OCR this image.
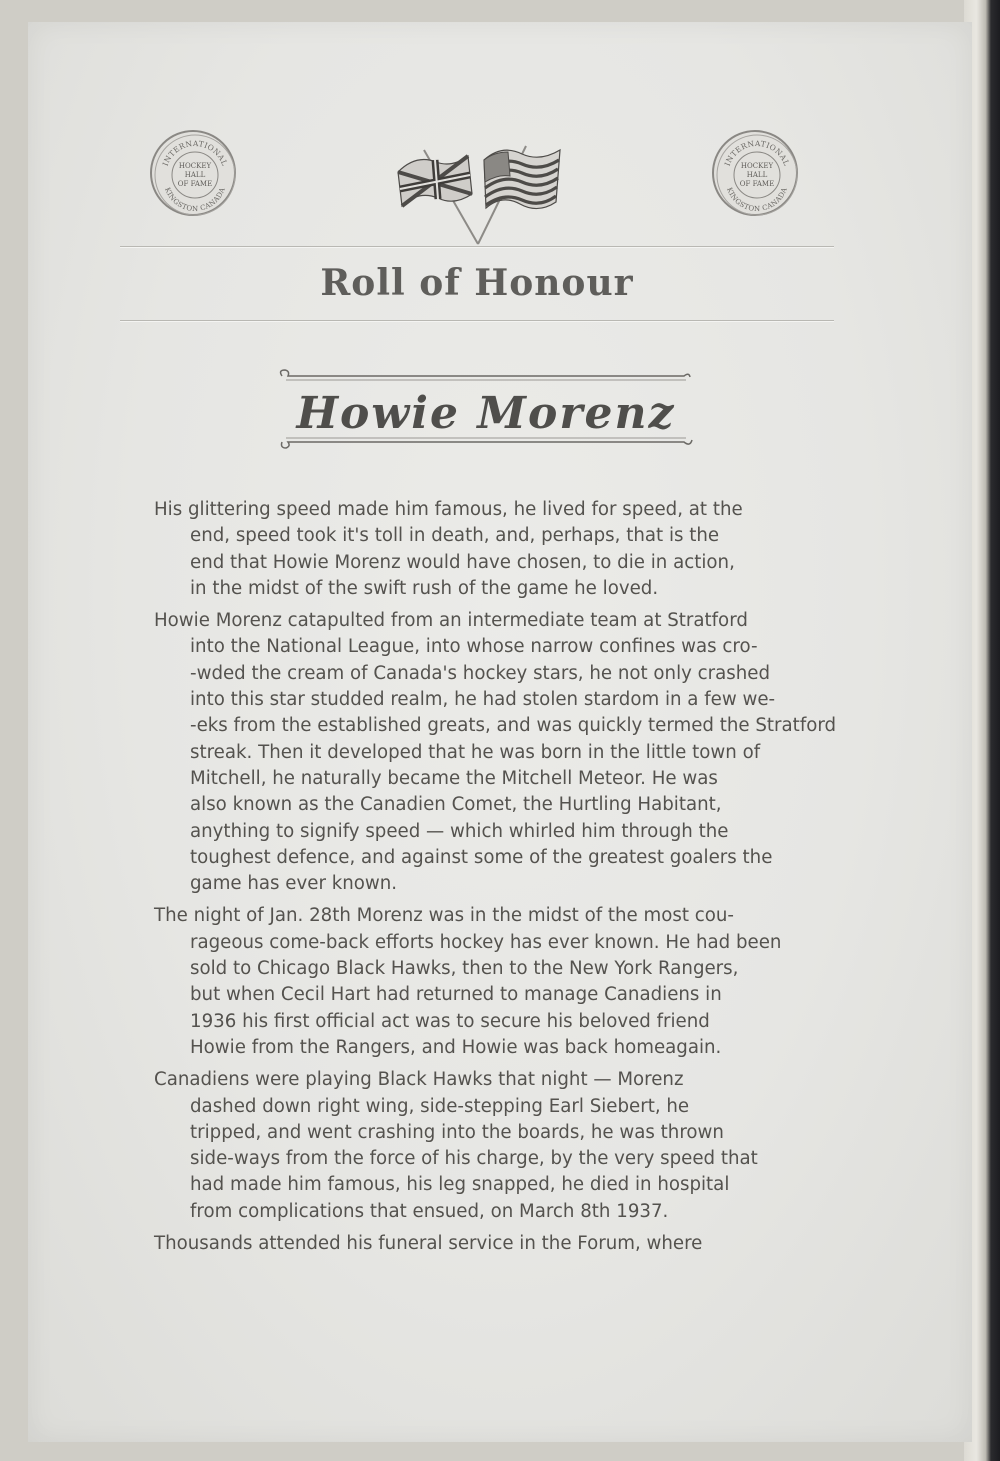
INTERNATIONAL
KINGSTON CANADA
HOCKEY
HALL
OF FAME
INTERNATIONAL
KINGSTON CANADA
HOCKEY
HALL
OF FAME
Roll of Honour
Howie Morenz
His glittering speed made him famous, he lived for speed, at the
end, speed took it's toll in death, and, perhaps, that is the
end that Howie Morenz would have chosen, to die in action,
in the midst of the swift rush of the game he loved.
Howie Morenz catapulted from an intermediate team at Stratford
into the National League, into whose narrow confines was cro-
-wded the cream of Canada's hockey stars, he not only crashed
into this star studded realm, he had stolen stardom in a few we-
-eks from the established greats, and was quickly termed the Stratford
streak. Then it developed that he was born in the little town of
Mitchell, he naturally became the Mitchell Meteor. He was
also known as the Canadien Comet, the Hurtling Habitant,
anything to signify speed — which whirled him through the
toughest defence, and against some of the greatest goalers the
game has ever known.
The night of Jan. 28th Morenz was in the midst of the most cou-
rageous come-back efforts hockey has ever known. He had been
sold to Chicago Black Hawks, then to the New York Rangers,
but when Cecil Hart had returned to manage Canadiens in
1936 his first official act was to secure his beloved friend
Howie from the Rangers, and Howie was back homeagain.
Canadiens were playing Black Hawks that night — Morenz
dashed down right wing, side-stepping Earl Siebert, he
tripped, and went crashing into the boards, he was thrown
side-ways from the force of his charge, by the very speed that
had made him famous, his leg snapped, he died in hospital
from complications that ensued, on March 8th 1937.
Thousands attended his funeral service in the Forum, where
